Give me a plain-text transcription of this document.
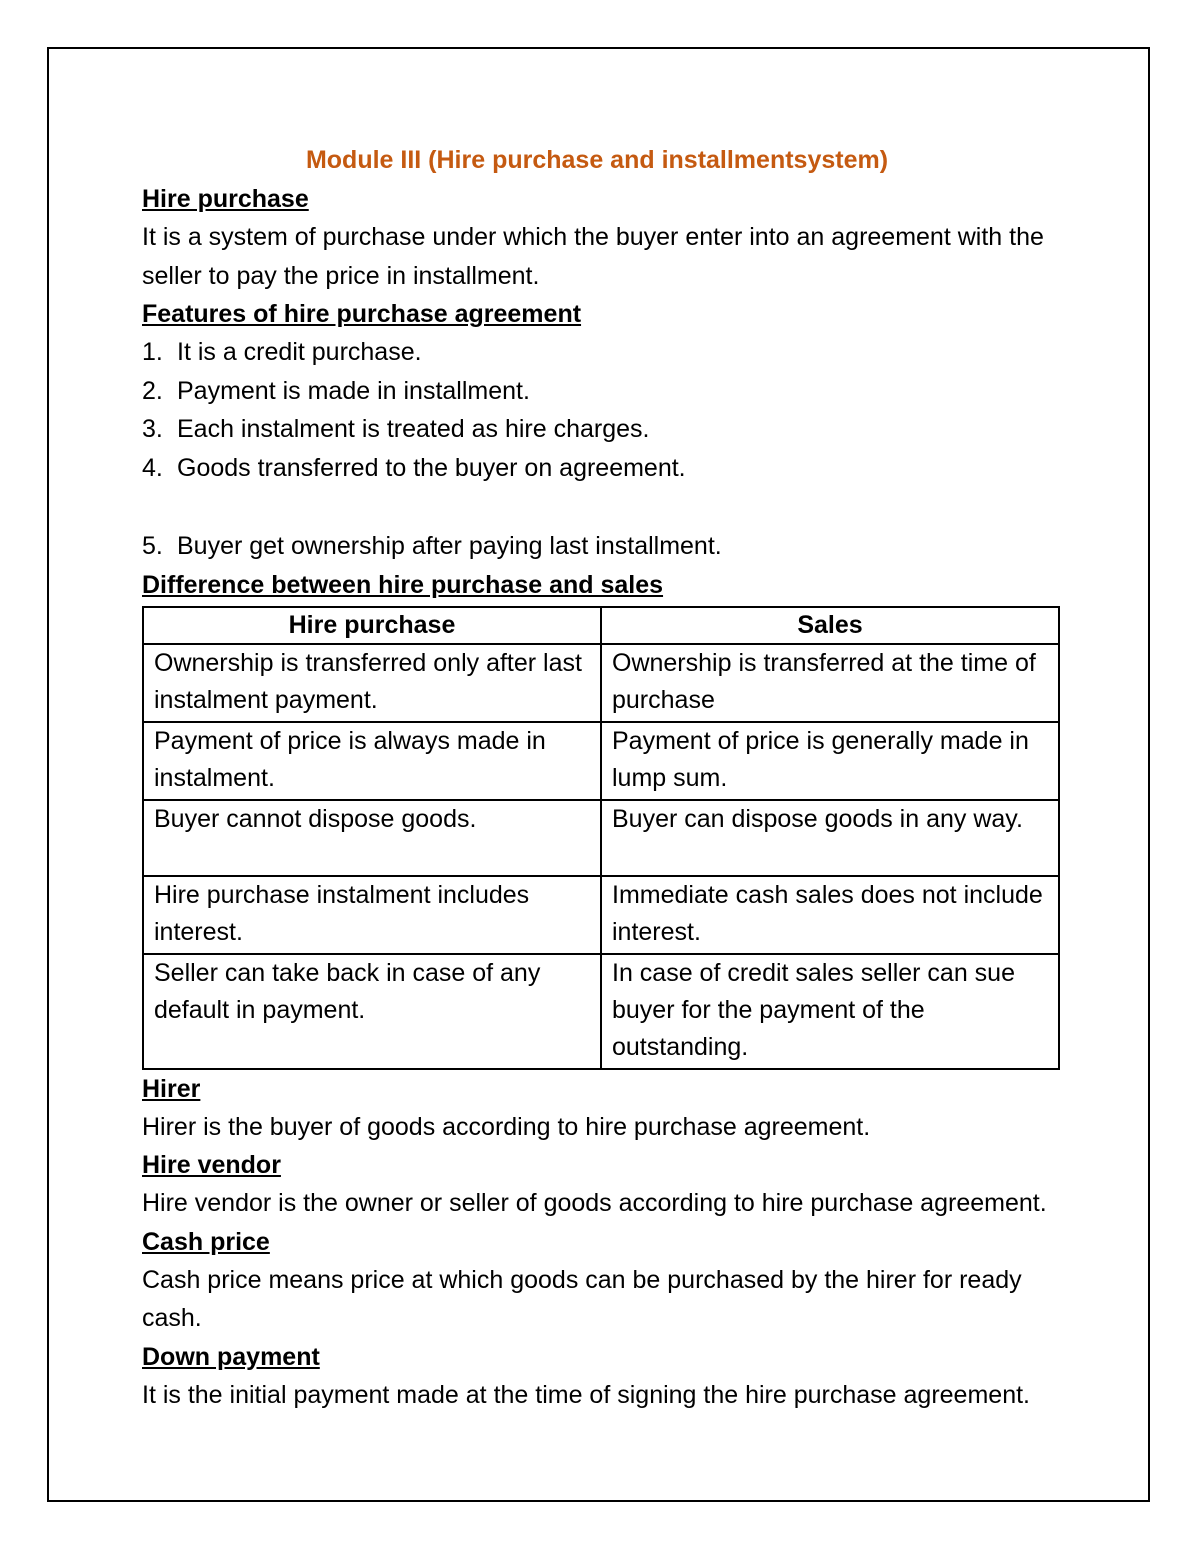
Module III (Hire purchase and installmentsystem)
Hire purchase
It is a system of purchase under which the buyer enter into an agreement with the seller to pay the price in installment.
Features of hire purchase agreement
1. It is a credit purchase.
2. Payment is made in installment.
3. Each instalment is treated as hire charges.
4. Goods transferred to the buyer on agreement.
5. Buyer get ownership after paying last installment.
Difference between hire purchase and sales
Hire purchase	Sales
Ownership is transferred only after last instalment payment.	Ownership is transferred at the time of purchase
Payment of price is always made in instalment.	Payment of price is generally made in lump sum.
Buyer cannot dispose goods.	Buyer can dispose goods in any way.
Hire purchase instalment includes interest.	Immediate cash sales does not include interest.
Seller can take back in case of any default in payment.	In case of credit sales seller can sue buyer for the payment of the outstanding.
Hirer
Hirer is the buyer of goods according to hire purchase agreement.
Hire vendor
Hire vendor is the owner or seller of goods according to hire purchase agreement.
Cash price
Cash price means price at which goods can be purchased by the hirer for ready cash.
Down payment
It is the initial payment made at the time of signing the hire purchase agreement.
